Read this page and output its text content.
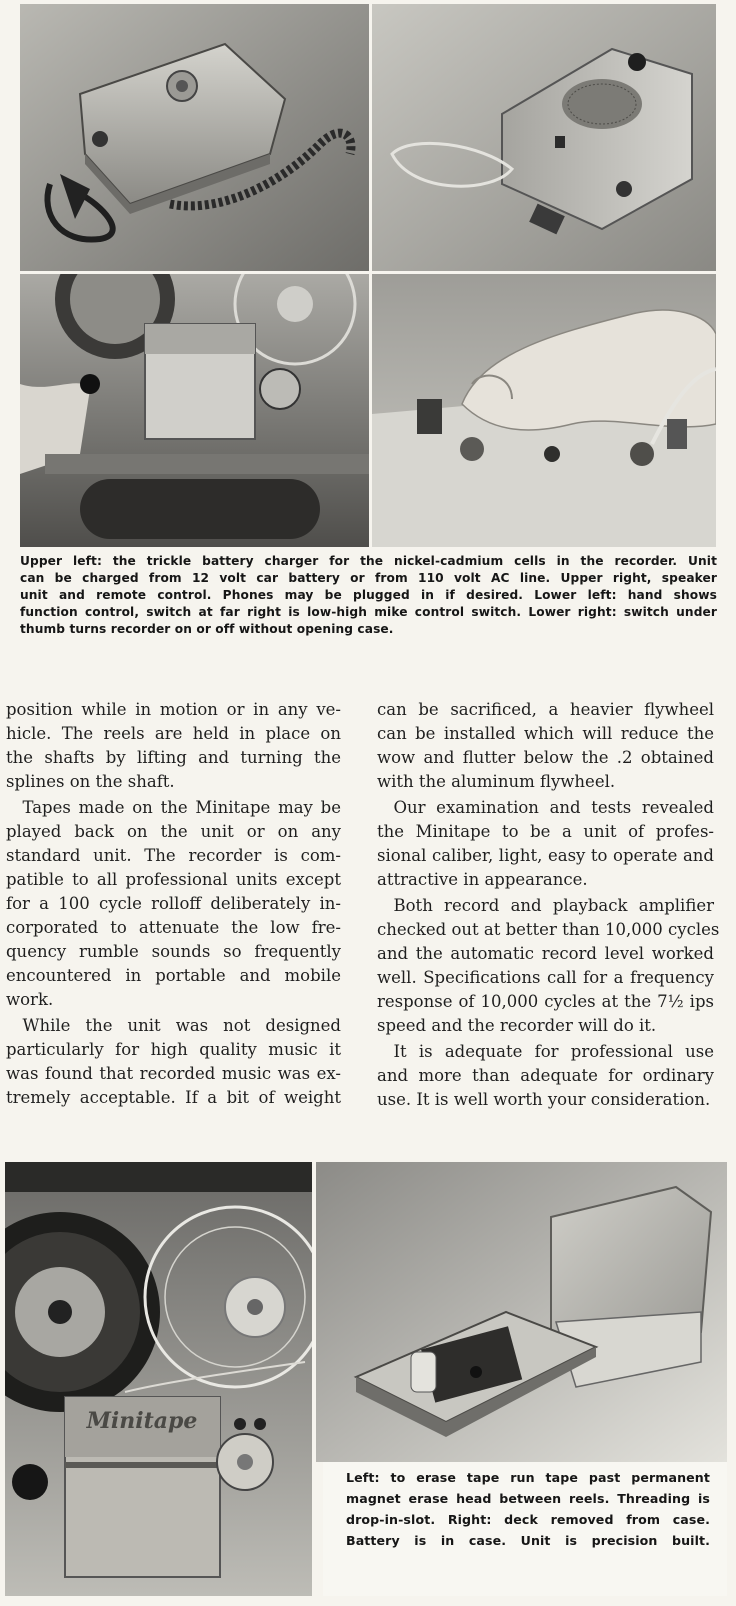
Upper left: the trickle battery charger for the nickel-cadmium cells in the recorder. Unit
can be charged from 12 volt car battery or from 110 volt AC line. Upper right, speaker
unit and remote control. Phones may be plugged in if desired. Lower left: hand shows
function control, switch at far right is low-high mike control switch. Lower right: switch under
thumb turns recorder on or off without opening case.
position while in motion or in any ve-
hicle. The reels are held in place on
the shafts by lifting and turning the
splines on the shaft.
 Tapes made on the Minitape may be
played back on the unit or on any
standard unit. The recorder is com-
patible to all professional units except
for a 100 cycle rolloff deliberately in-
corporated to attenuate the low fre-
quency rumble sounds so frequently
encountered in portable and mobile
work.
 While the unit was not designed
particularly for high quality music it
was found that recorded music was ex-
tremely acceptable. If a bit of weight
can be sacrificed, a heavier flywheel
can be installed which will reduce the
wow and flutter below the .2 obtained
with the aluminum flywheel.
 Our examination and tests revealed
the Minitape to be a unit of profes-
sional caliber, light, easy to operate and
attractive in appearance.
 Both record and playback amplifier
checked out at better than 10,000 cycles
and the automatic record level worked
well. Specifications call for a frequency
response of 10,000 cycles at the 7½ ips
speed and the recorder will do it.
 It is adequate for professional use
and more than adequate for ordinary
use. It is well worth your consideration.
Minitape
Left: to erase tape run tape past permanent
magnet erase head between reels. Threading is
drop-in-slot. Right: deck removed from case.
Battery is in case. Unit is precision built.
